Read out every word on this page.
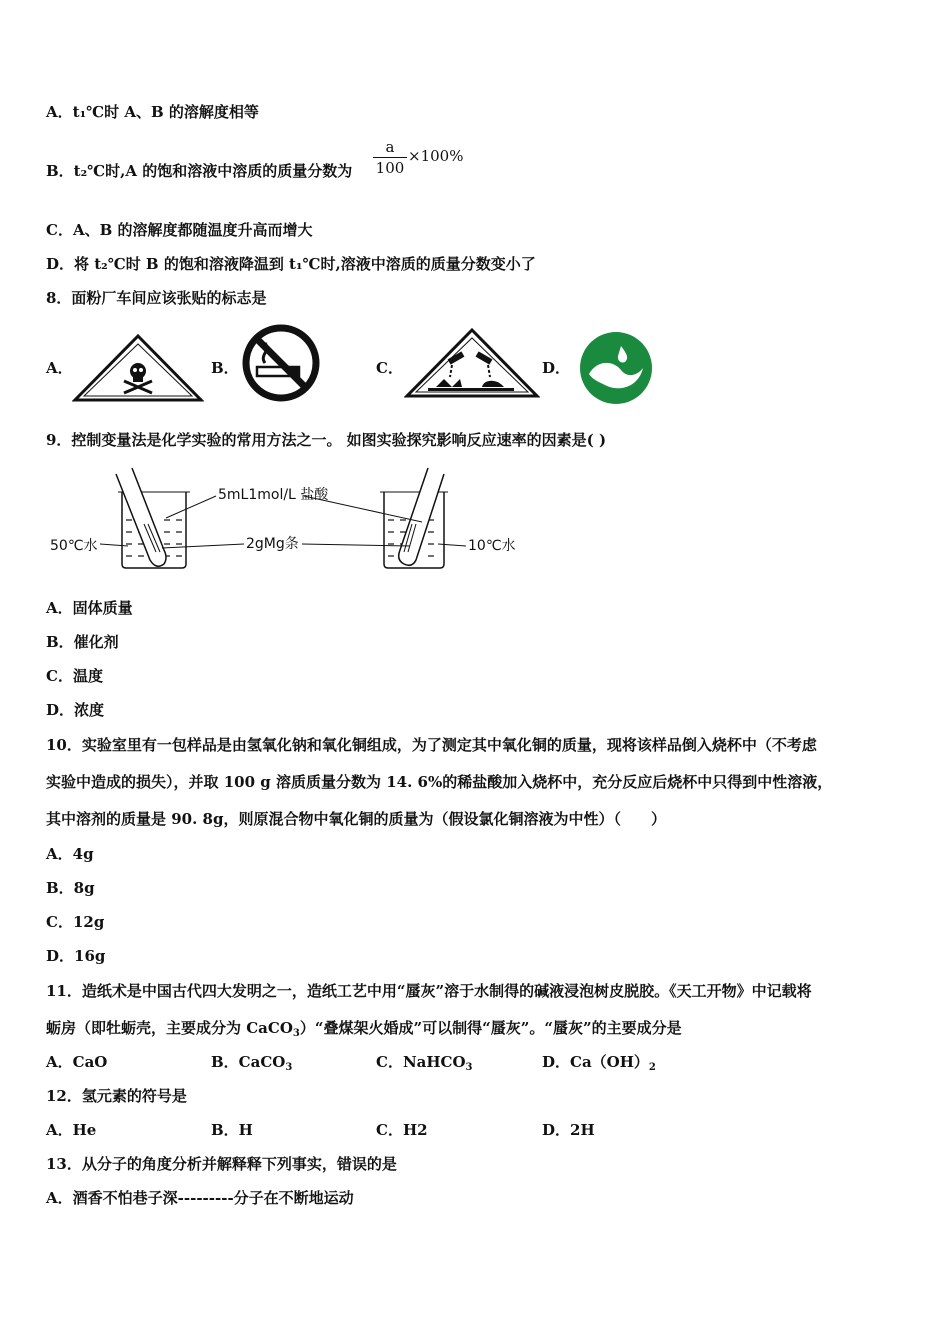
A．t₁℃时 A、B 的溶解度相等
B．t₂℃时,A 的饱和溶液中溶质的质量分数为
a
100
×100%
C．A、B 的溶解度都随温度升高而增大
D．将 t₂℃时 B 的饱和溶液降温到 t₁℃时,溶液中溶质的质量分数变小了
8．面粉厂车间应该张贴的标志是
A．	B．	C．	D．
9．控制变量法是化学实验的常用方法之一。 如图实验探究影响反应速率的因素是( )
5mL1mol/L 盐酸
2gMg条
50℃水	10℃水
A．固体质量
B．催化剂
C．温度
D．浓度
10．实验室里有一包样品是由氢氧化钠和氧化铜组成，为了测定其中氧化铜的质量，现将该样品倒入烧杯中（不考虑
实验中造成的损失），并取 100 g 溶质质量分数为 14. 6%的稀盐酸加入烧杯中，充分反应后烧杯中只得到中性溶液，
其中溶剂的质量是 90. 8g，则原混合物中氧化铜的质量为（假设氯化铜溶液为中性）（　　）
A．4g
B．8g
C．12g
D．16g
11．造纸术是中国古代四大发明之一，造纸工艺中用“蜃灰”溶于水制得的碱液浸泡树皮脱胶。《天工开物》中记载将
蛎房（即牡蛎壳，主要成分为 CaCO$_3$）“叠煤架火婚成”可以制得“蜃灰”。“蜃灰”的主要成分是
A．CaO	B．CaCO$_3$	C．NaHCO$_3$	D．$Ca(OH)_2$
12．氢元素的符号是
A．He	B．H	C．H2	D．2H
13．从分子的角度分析并解释释下列事实，错误的是
A．酒香不怕巷子深---------分子在不断地运动
